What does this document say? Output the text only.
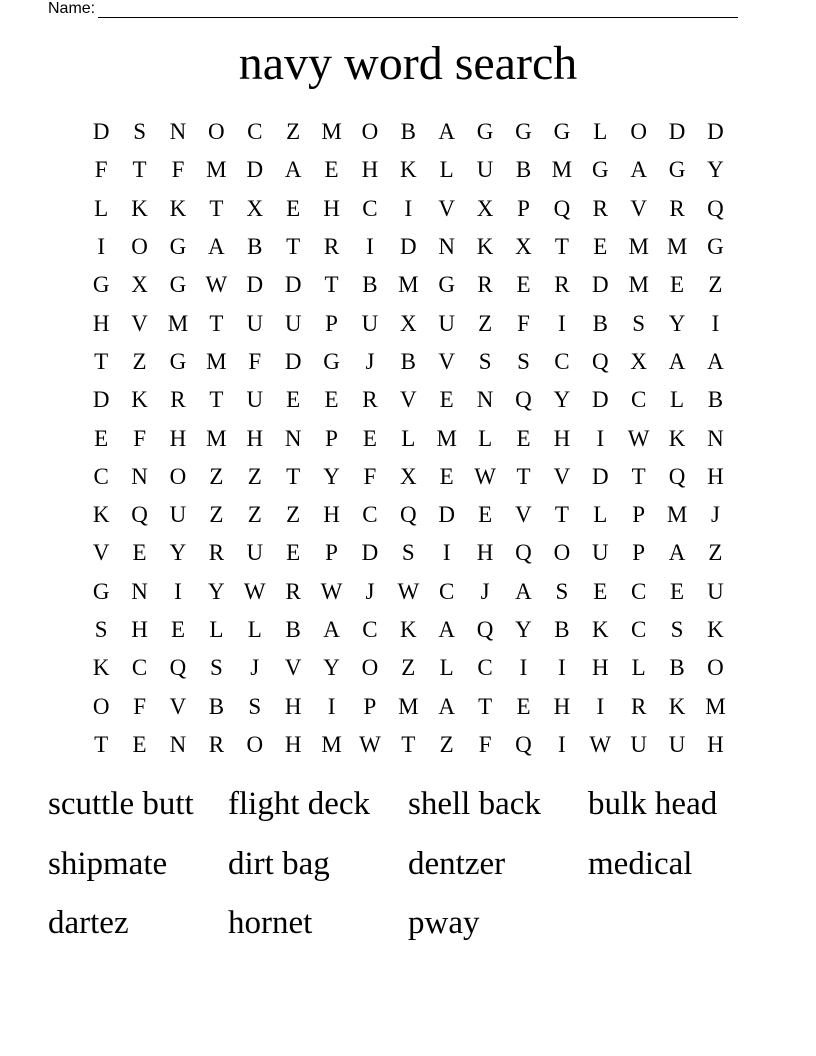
Name:
navy word search
D	S	N O C	Z M O B A G G G	L	O D D
F	T	F M D A	E	H K	L	U B M G A G Y
L	K K	T	X	E	H C	I	V X	P	Q R V R Q
I	O G A B	T	R	I	D N K X	T	E M M G
G X G W D D	T	B M G R	E	R D M E	Z
H V M T	U U	P	U X U	Z	F	I	B	S	Y	I
T	Z	G M F	D G	J	B V	S	S	C Q X A A
D K R	T	U	E	E	R V	E	N Q Y D C	L	B
E	F	H M H N	P	E	L M L	E	H	I	W K N
C N O	Z	Z	T	Y	F	X	E W T	V D	T	Q H
K Q U	Z	Z	Z	H C Q D	E	V	T	L	P M	J
V	E	Y R U	E	P	D	S	I	H Q O U	P	A	Z
G N	I	Y W R W	J	W C	J	A	S	E	C	E	U
S	H	E	L	L	B A C K A Q Y B K C	S	K
K C Q	S	J	V Y O	Z	L	C	I	I	H	L	B O
O	F	V B	S	H	I	P M A	T	E	H	I	R K M
T	E	N R O H M W T	Z	F	Q	I	W U U H
scuttle butt	flight deck	shell back	bulk head
shipmate	dirt bag	dentzer	medical
dartez	hornet	pway
